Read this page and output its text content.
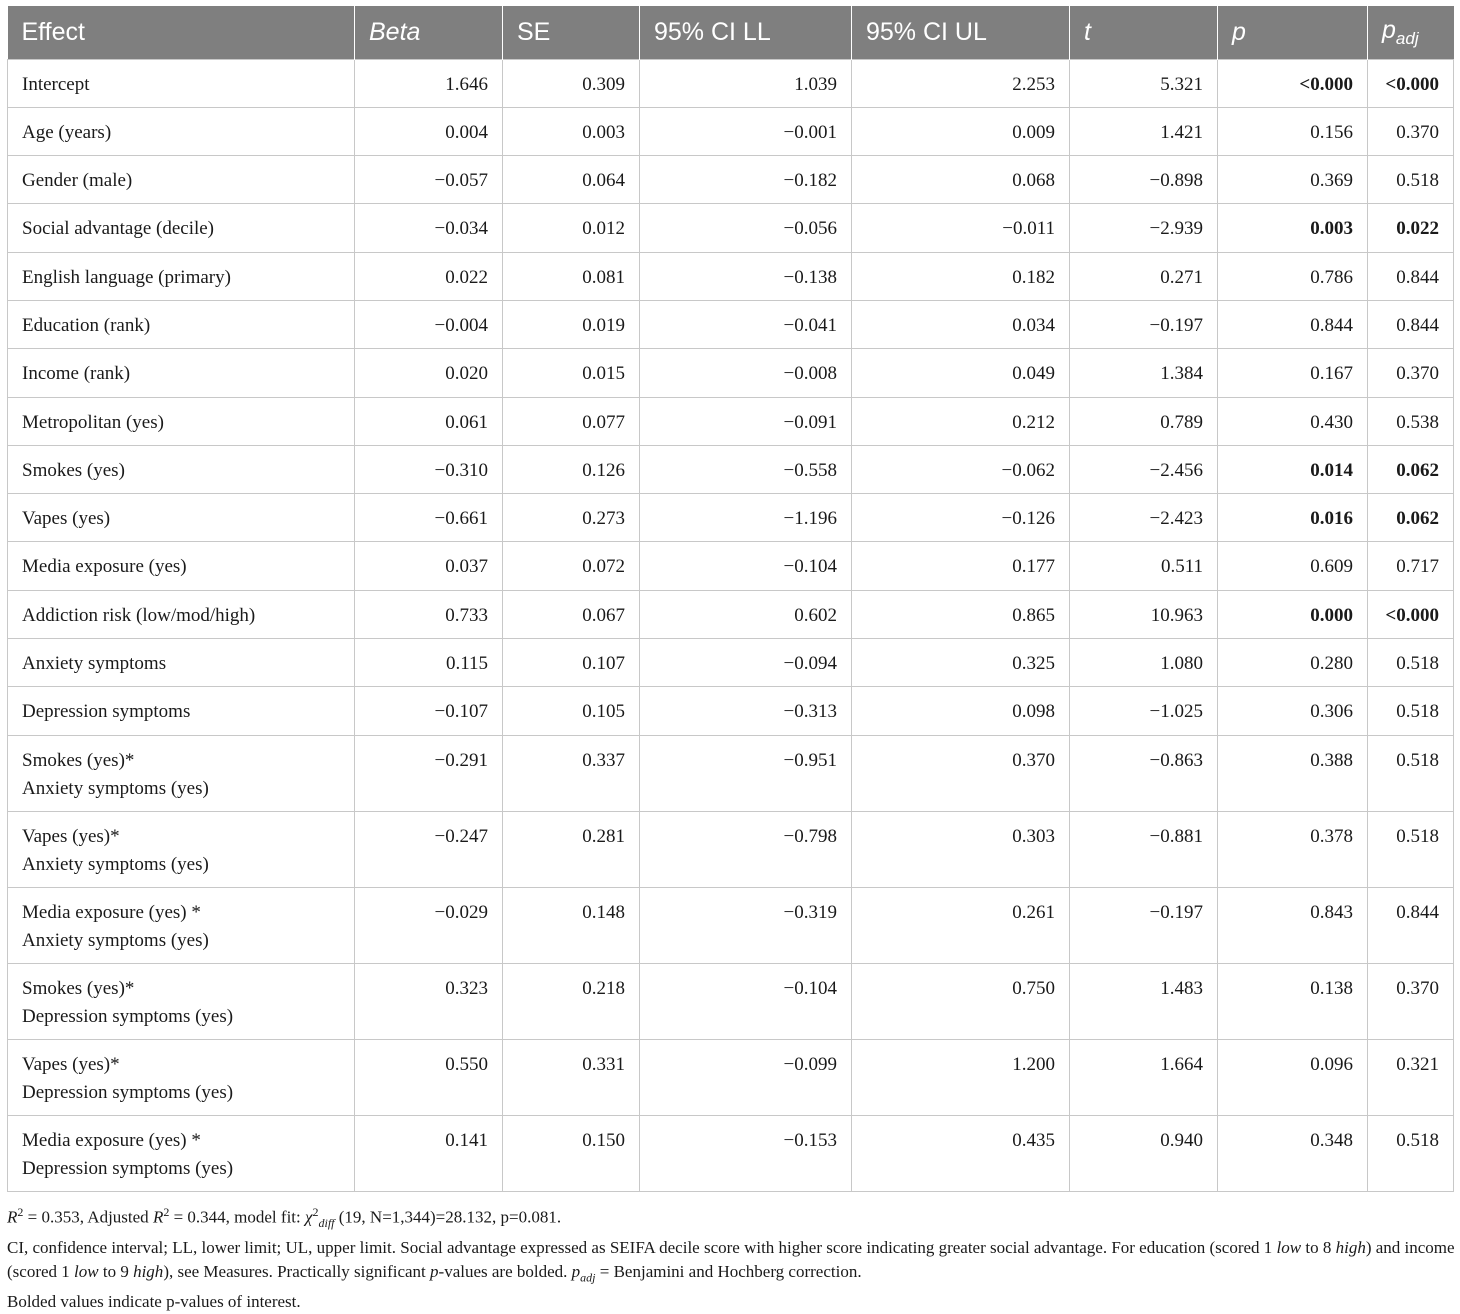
Effect	Beta	SE	95% CI LL	95% CI UL	t	p	$p_{adj}$
Intercept	1.646	0.309	1.039	2.253	5.321	<0.000	<0.000
Age (years)	0.004	0.003	−0.001	0.009	1.421	0.156	0.370
Gender (male)	−0.057	0.064	−0.182	0.068	−0.898	0.369	0.518
Social advantage (decile)	−0.034	0.012	−0.056	−0.011	−2.939	0.003	0.022
English language (primary)	0.022	0.081	−0.138	0.182	0.271	0.786	0.844
Education (rank)	−0.004	0.019	−0.041	0.034	−0.197	0.844	0.844
Income (rank)	0.020	0.015	−0.008	0.049	1.384	0.167	0.370
Metropolitan (yes)	0.061	0.077	−0.091	0.212	0.789	0.430	0.538
Smokes (yes)	−0.310	0.126	−0.558	−0.062	−2.456	0.014	0.062
Vapes (yes)	−0.661	0.273	−1.196	−0.126	−2.423	0.016	0.062
Media exposure (yes)	0.037	0.072	−0.104	0.177	0.511	0.609	0.717
Addiction risk (low/mod/high)	0.733	0.067	0.602	0.865	10.963	0.000	<0.000
Anxiety symptoms	0.115	0.107	−0.094	0.325	1.080	0.280	0.518
Depression symptoms	−0.107	0.105	−0.313	0.098	−1.025	0.306	0.518
Smokes (yes)*
Anxiety symptoms (yes)	−0.291	0.337	−0.951	0.370	−0.863	0.388	0.518
Vapes (yes)*
Anxiety symptoms (yes)	−0.247	0.281	−0.798	0.303	−0.881	0.378	0.518
Media exposure (yes) *
Anxiety symptoms (yes)	−0.029	0.148	−0.319	0.261	−0.197	0.843	0.844
Smokes (yes)*
Depression symptoms (yes)	0.323	0.218	−0.104	0.750	1.483	0.138	0.370
Vapes (yes)*
Depression symptoms (yes)	0.550	0.331	−0.099	1.200	1.664	0.096	0.321
Media exposure (yes) *
Depression symptoms (yes)	0.141	0.150	−0.153	0.435	0.940	0.348	0.518

$R^2 = 0.353$, Adjusted $R^2 = 0.344$, model fit: $\chi^2_{diff}$ (19, N=1,344)=28.132, p=0.081.

CI, confidence interval; LL, lower limit; UL, upper limit. Social advantage expressed as SEIFA decile score with higher score indicating greater social advantage. For education (scored 1 low to 8 high) and income (scored 1 low to 9 high), see Measures. Practically significant p-values are bolded. $p_{adj}$ = Benjamini and Hochberg correction.

Bolded values indicate p-values of interest.
